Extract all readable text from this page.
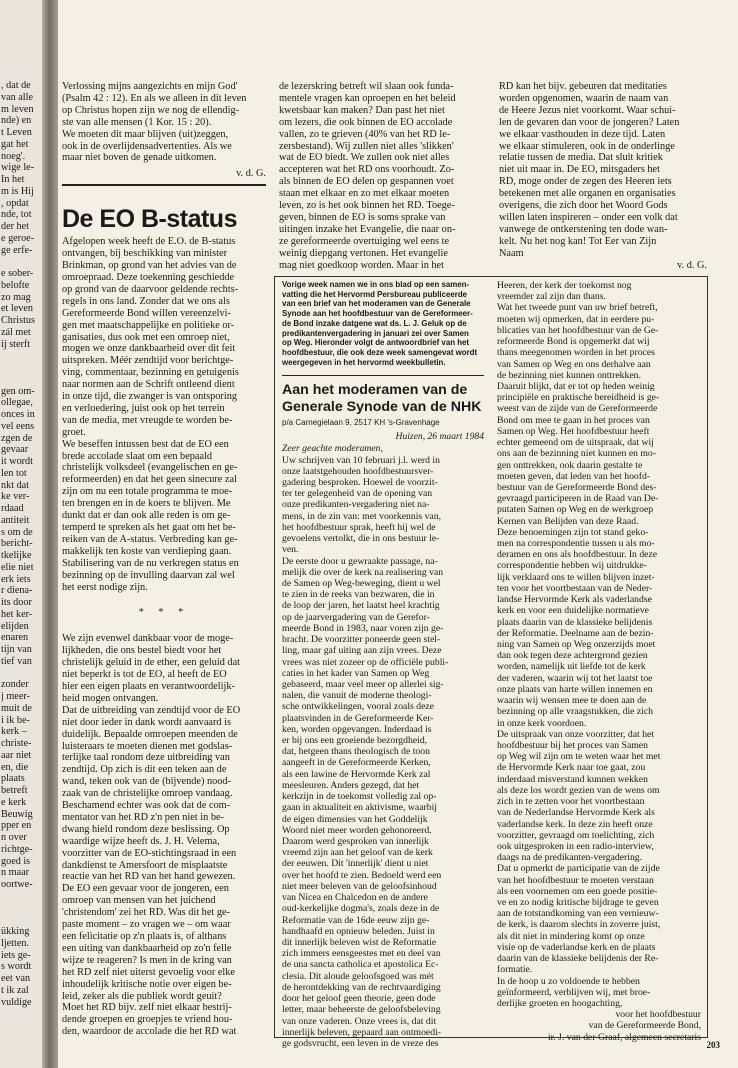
, dat de
van alle
m leven
nde) en
t Leven
gat het
noeg'.
wige le-
In het
m is Hij
, opdat
nde, tot
der het
e geroe-
ge erfe-

e sober-
belofte
zo mag
et leven
Christus
zál met
ij sterft

gen om-
ollegae,
onces in
vel eens
zgen de
gevaar
it wordt
len tot
nkt dat
ke ver-
rdaad
antiteit
s om de
bericht-
tkelijke
elie niet
erk iets
r diena-
its door
het ker-
elijden
enaren
tijn van
tief van

zonder
j meer-
muit de
i ik be-
kerk –
christe-
aar niet
en, die
plaats
betreft
e kerk
Beuwig
pper en
n over
richtge-
goed is
n maar
oortwe-

ükking
ljetten.
iets ge-
s wordt
eet van
t ik zal
vuldige
Verlossing mijns aangezichts en mijn God'
(Psalm 42 : 12). En als we alleen in dit leven
op Christus hopen zijn we nog de ellendig-
ste van alle mensen (1 Kor. 15 : 20).
We moeten dit maar blijven (uit)zeggen,
ook in de overlijdensadvertenties. Als we
maar niet boven de genade uitkomen.
v. d. G.
De EO B-status
Afgelopen week heeft de E.O. de B-status
ontvangen, bij beschikking van minister
Brinkman, op grond van het advies van de
omroepraad. Deze toekenning geschiedde
op grond van de daarvoor geldende rechts-
regels in ons land. Zonder dat we ons als
Gereformeerde Bond willen vereenzelvi-
gen met maatschappelijke en politieke or-
ganisaties, dus ook met een omroep niet,
mogen we onze dankbaarheid over dit feit
uitspreken. Méér zendtijd voor berichtge-
ving, commentaar, bezinning en getuigenis
naar normen aan de Schrift ontleend dient
in onze tijd, die zwanger is van ontsporing
en verloedering, juist ook op het terrein
van de media, met vreugde te worden be-
groet.
We beseffen intussen best dat de EO een
brede accolade slaat om een bepaald
christelijk volksdeel (evangelischen en ge-
reformeerden) en dat het geen sinecure zal
zijn om nu een totale programma te moe-
ten brengen en in de koers te blijven. Me
dunkt dat er dan ook alle reden is om ge-
temperd te spreken als het gaat om het be-
reiken van de A-status. Verbreding kan ge-
makkelijk ten koste van verdieping gaan.
Stabilisering van de nu verkregen status en
bezinning op de invulling daarvan zal wel
het eerst nodige zijn.
* * *
We zijn evenwel dankbaar voor de moge-
lijkheden, die ons bestel biedt voor het
christelijk geluid in de ether, een geluid dat
niet beperkt is tot de EO, al heeft de EO
hier een eigen plaats en verantwoordelijk-
heid mogen ontvangen.
Dat de uitbreiding van zendtijd voor de EO
niet door ieder in dank wordt aanvaard is
duidelijk. Bepaalde omroepen meenden de
luisteraars te moeten dienen met godslas-
terlijke taal rondom deze uitbreiding van
zendtijd. Op zich is dit een teken aan de
wand, teken ook van de (bijvende) nood-
zaak van de christelijke omroep vandaag.
Beschamend echter was ook dat de com-
mentator van het RD z'n pen niet in be-
dwang hield rondom deze beslissing. Op
waardige wijze heeft ds. J. H. Velema,
voorzitter van de EO-stichtingsraad in een
dankdienst te Amersfoort de misplaatste
reactie van het RD van het hand gewezen.
De EO een gevaar voor de jongeren, een
omroep van mensen van het juichend
'christendom' zei het RD. Was dit het ge-
paste moment – zo vragen we – om waar
een felicitatie op z'n plaats is, of althans
een uiting van dankbaarheid op zo'n felle
wijze te reageren? Is men in de kring van
het RD zelf niet uiterst gevoelig voor elke
inhoudelijk kritische notie over eigen be-
leid, zeker als die publiek wordt geuit?
Moet het RD bijv. zelf niet elkaar bestrij-
dende groepen en groepjes te vriend hou-
den, waardoor de accolade die het RD wat
de lezerskring betreft wil slaan ook funda-
mentele vragen kan oproepen en het beleid
kwetsbaar kan maken? Dan past het niet
om lezers, die ook binnen de EO accolade
vallen, zo te grieven (40% van het RD le-
zersbestand). Wij zullen niet alles 'slikken'
wat de EO biedt. We zullen ook niet alles
accepteren wat het RD ons voorhoudt. Zo-
als binnen de EO delen op gespannen voet
staan met elkaar en zo met elkaar moeten
leven, zo is het ook binnen het RD. Toege-
geven, binnen de EO is soms sprake van
uitingen inzake het Evangelie, die naar on-
ze gereformeerde overtuiging wel eens te
weinig diepgang vertonen. Het evangelie
mag niet goedkoop worden. Maar in het
RD kan het bijv. gebeuren dat meditaties
worden opgenomen, waarin de naam van
de Heere Jezus niet voorkomt. Waar schui-
len de gevaren dan voor de jongeren? Laten
we elkaar vasthouden in deze tijd. Laten
we elkaar stimuleren, ook in de onderlinge
relatie tussen de media. Dat sluit kritiek
niet uit maar in. De EO, mitsgaders het
RD, moge onder de zegen des Heeren iets
betekenen met alle organen en organisaties
overigens, die zich door het Woord Gods
willen laten inspireren – onder een volk dat
vanwege de ontkerstening ten dode wan-
kelt. Nu het nog kan! Tot Eer van Zijn
Naam
v. d. G.
Vorige week namen we in ons blad op een samen-
vatting die het Hervormd Persbureau publiceerde
van een brief van het moderamen van de Generale
Synode aan het hoofdbestuur van de Gereformeer-
de Bond inzake datgene wat ds. L. J. Geluk op de
predikantenvergadering in januari zei over Samen
op Weg. Hieronder volgt de antwoordbrief van het
hoofdbestuur, die ook deze week samengevat wordt
weergegeven in het hervormd weekbulletin.
Aan het moderamen van de
Generale Synode van de NHK
p/a Carnegielaan 9, 2517 KH 's-Gravenhage
Huizen, 26 maart 1984
Zeer geachte moderamen,
Uw schrijven van 10 februari j.l. werd in
onze laatstgehouden hoofdbestuursver-
gadering besproken. Hoewel de voorzit-
ter ter gelegenheid van de opening van
onze predikanten-vergadering niet na-
mens, in de zin van: met voorkennis van,
het hoofdbestuur sprak, heeft hij wel de
gevoelens vertolkt, die in ons bestuur le-
ven.
De eerste door u gewraakte passage, na-
melijk die over de kerk na realisering van
de Samen op Weg-beweging, dient u wel
te zien in de reeks van bezwaren, die in
de loop der jaren, het laatst heel krachtig
op de jaarvergadering van de Gerefor-
meerde Bond in 1983, naar voren zijn ge-
bracht. De voorzitter poneerde geen stel-
ling, maar gaf uiting aan zijn vrees. Deze
vrees was niet zozeer op de officiële publi-
caties in het kader van Samen op Weg
gebaseerd, maar veel meer op allerlei sig-
nalen, die vanuit de moderne theologi-
sche ontwikkelingen, vooral zoals deze
plaatsvinden in de Gereformeerde Ker-
ken, worden opgevangen. Inderdaad is
er bij ons een groeiende bezorgdheid,
dat, hetgeen thans theologisch de toon
aangeeft in de Gereformeerde Kerken,
als een lawine de Hervormde Kerk zal
meesleuren. Anders gezegd, dat het
kerkzijn in de toekomst volledig zal op-
gaan in aktualiteit en aktivisme, waarbij
de eigen dimensies van het Goddelijk
Woord niet meer worden gehonoreerd.
Daarom werd gesproken van innerlijk
vreemd zijn aan het geloof van de kerk
der eeuwen. Dit 'innerlijk' dient u niet
over het hoofd te zien. Bedoeld werd een
niet meer beleven van de geloofsinhoud
van Nicea en Chalcedon en de andere
oud-kerkelijke dogma's, zoals deze in de
Reformatie van de 16de eeuw zijn ge-
handhaafd en opnieuw beleden. Juist in
dit innerlijk beleven wist de Reformatie
zich immers eensgeestes met en deel van
de una sancta catholica et apostolica Ec-
clesia. Dit aloude geloofsgoed was mét
de herontdekking van de rechtvaardiging
door het geloof geen theorie, geen dode
letter, maar beheerste de geloofsbeleving
van onze vaderen. Onze vrees is, dat dit
innerlijk beleven, gepaard aan ontmoedi-
ge godsvrucht, een leven in de vreze des
Heeren, der kerk der toekomst nog
vreemder zal zijn dan thans.
Wat het tweede punt van uw brief betreft,
moeten wij opmerken, dat in eerdere pu-
blicaties van het hoofdbestuur van de Ge-
reformeerde Bond is opgemerkt dat wij
thans meegenomen worden in het proces
van Samen op Weg en ons derhalve aan
de bezinning niet kunnen onttrekken.
Daaruit blijkt, dat er tot op heden weinig
principiële en praktische bereidheid is ge-
weest van de zijde van de Gereformeerde
Bond om mee te gaan in het proces van
Samen op Weg. Het hoofdbestuur heeft
echter gemeend om de uitspraak, dat wij
ons aan de bezinning niet kunnen en mo-
gen onttrekken, ook daarin gestalte te
moeten geven, dat leden van het hoofd-
bestuur van de Gereformeerde Bond des-
gevraagd participeren in de Raad van De-
putaten Samen op Weg en de werkgroep
Kernen van Belijden van deze Raad.
Deze benoemingen zijn tot stand geko-
men na correspondentie tussen u als mo-
deramen en ons als hoofdbestuur. In deze
correspondentie hebben wij uitdrukke-
lijk verklaard ons te willen blijven inzet-
ten voor het voortbestaan van de Neder-
landse Hervormde Kerk als vaderlandse
kerk en voor een duidelijke normatieve
plaats daarin van de klassieke belijdenis
der Reformatie. Deelname aan de bezin-
ning van Samen op Weg onzerzijds moet
dan ook tegen deze achtergrond gezien
worden, namelijk uit liefde tot de kerk
der vaderen, waarin wij tot het laatst toe
onze plaats van harte willen innemen en
waarin wij wensen mee te doen aan de
bezinning op alle vraagstukken, die zich
in onze kerk voordoen.
De uitspraak van onze voorzitter, dat het
hoofdbestuur bij het proces van Samen
op Weg wil zijn om te weten waar het met
de Hervormde Kerk naar toe gaat, zou
inderdaad misverstand kunnen wekken
als deze los wordt gezien van de wens om
zich in te zetten voor het voortbestaan
van de Nederlandse Hervormde Kerk als
vaderlandse kerk. In deze zin heeft onze
voorzitter, gevraagd om toelichting, zich
ook uitgesproken in een radio-interview,
daags na de predikanten-vergadering.
Dat u opmerkt de participatie van de zijde
van het hoofdbestuur te moeten verstaan
als een voornemen om een goede positie-
ve en zo nodig kritische bijdrage te geven
aan de totstandkoming van een vernieuw-
de kerk, is daarom slechts in zoverre juist,
als dit niet in mindering komt op onze
visie op de vaderlandse kerk en de plaats
daarin van de klassieke belijdenis der Re-
formatie.
In de hoop u zo voldoende te hebben
geïnformeerd, verblijven wij, met broe-
derlijke groeten en hoogachting,
voor het hoofdbestuur
van de Gereformeerde Bond,
ir. J. van der Graaf, algemeen secretaris
203
